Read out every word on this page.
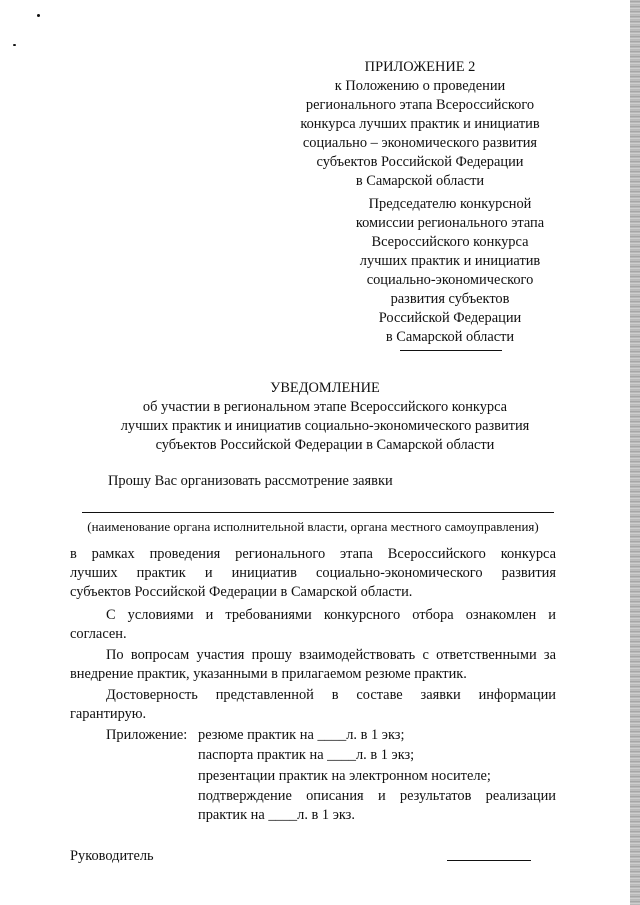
ПРИЛОЖЕНИЕ 2
к Положению о проведении
регионального этапа Всероссийского
конкурса лучших практик и инициатив
социально – экономического развития
субъектов Российской Федерации
в Самарской области
Председателю конкурсной
комиссии регионального этапа
Всероссийского конкурса
лучших практик и инициатив
социально-экономического
развития субъектов
Российской Федерации
в Самарской области
УВЕДОМЛЕНИЕ
об участии в региональном этапе Всероссийского конкурса
лучших практик и инициатив социально-экономического развития
субъектов Российской Федерации в Самарской области
Прошу Вас организовать рассмотрение заявки
(наименование органа исполнительной власти, органа местного самоуправления)
в рамках проведения регионального этапа Всероссийского конкурса
лучших практик и инициатив социально-экономического развития
субъектов Российской Федерации в Самарской области.
С условиями и требованиями конкурсного отбора ознакомлен и
согласен.
По вопросам участия прошу взаимодействовать с ответственными за
внедрение практик, указанными в прилагаемом резюме практик.
Достоверность представленной в составе заявки информации
гарантирую.
Приложение: резюме практик на ____л. в 1 экз;
паспорта практик на ____л. в 1 экз;
презентации практик на электронном носителе;
подтверждение описания и результатов реализации
практик на ____л. в 1 экз.
Руководитель
